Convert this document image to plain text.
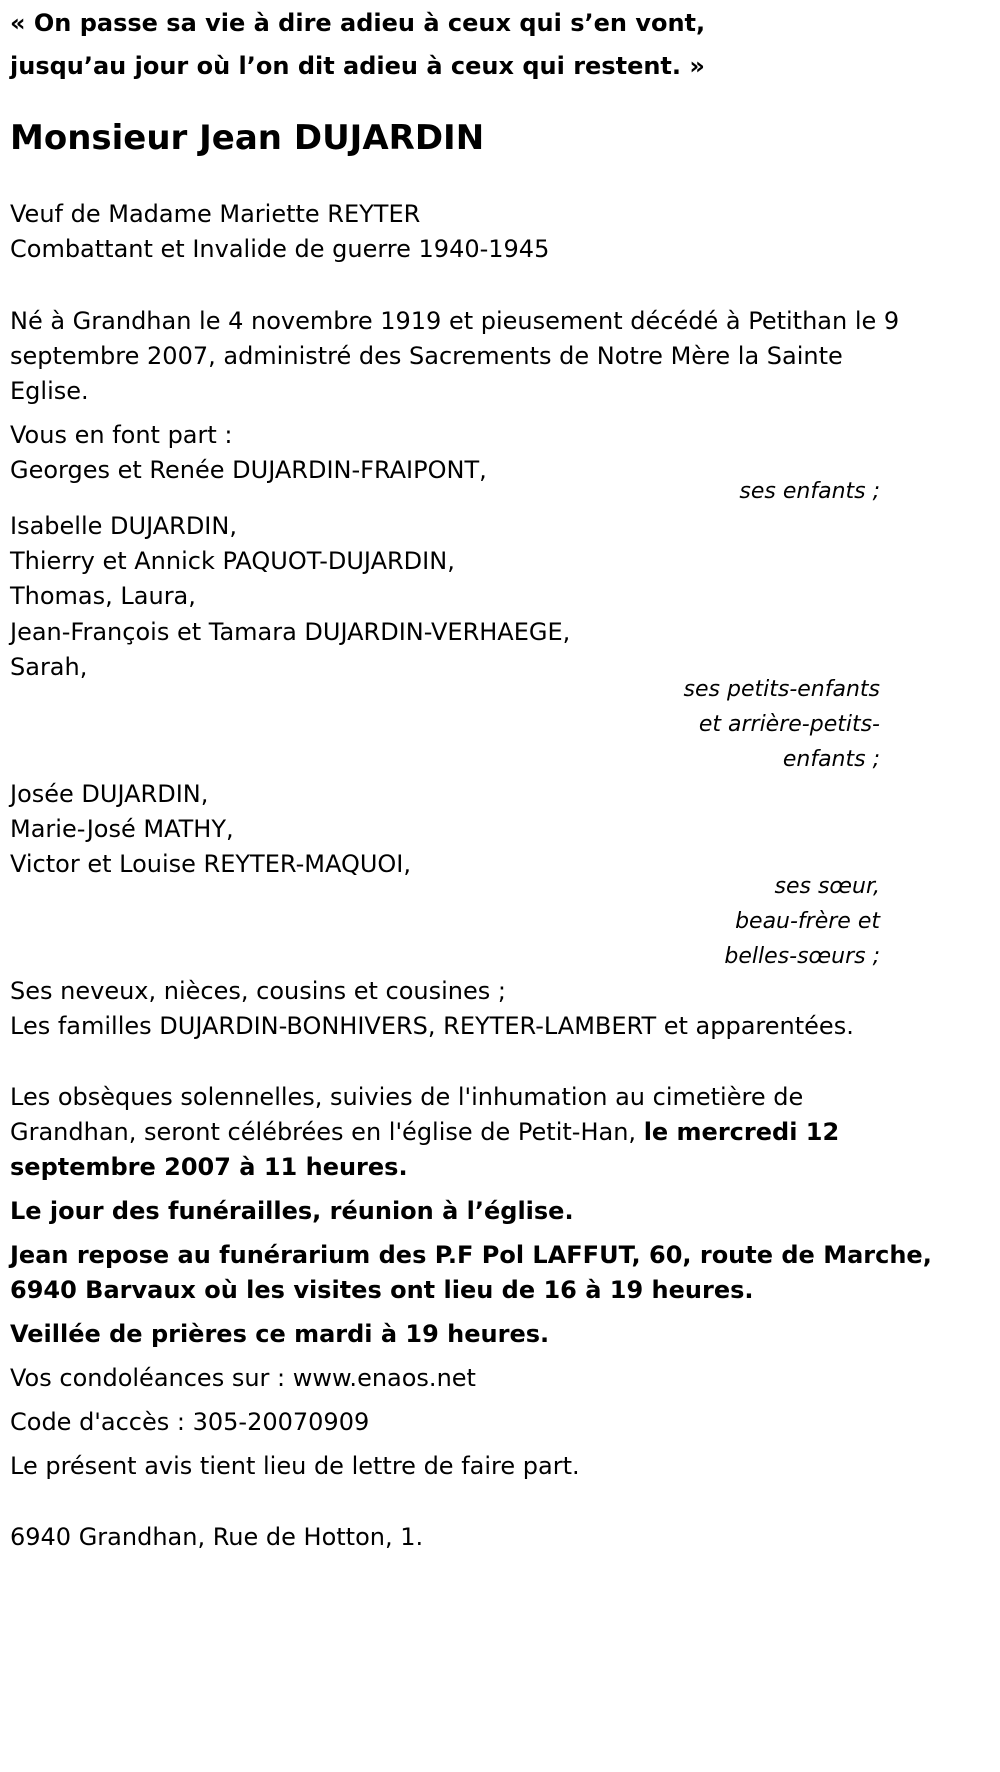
« On passe sa vie à dire adieu à ceux qui s’en vont,
jusqu’au jour où l’on dit adieu à ceux qui restent. »
Monsieur Jean DUJARDIN
Veuf de Madame Mariette REYTER
Combattant et Invalide de guerre 1940-1945
Né à Grandhan le 4 novembre 1919 et pieusement décédé à Petithan le 9
septembre 2007, administré des Sacrements de Notre Mère la Sainte
Eglise.
Vous en font part :
Georges et Renée DUJARDIN-FRAIPONT,
ses enfants ;
Isabelle DUJARDIN,
Thierry et Annick PAQUOT-DUJARDIN,
Thomas, Laura,
Jean-François et Tamara DUJARDIN-VERHAEGE,
Sarah,
ses petits-enfants
et arrière-petits-
enfants ;
Josée DUJARDIN,
Marie-José MATHY,
Victor et Louise REYTER-MAQUOI,
ses sœur,
beau-frère et
belles-sœurs ;
Ses neveux, nièces, cousins et cousines ;
Les familles DUJARDIN-BONHIVERS, REYTER-LAMBERT et apparentées.
Les obsèques solennelles, suivies de l'inhumation au cimetière de
Grandhan, seront célébrées en l'église de Petit-Han, le mercredi 12
septembre 2007 à 11 heures.
Le jour des funérailles, réunion à l’église.
Jean repose au funérarium des P.F Pol LAFFUT, 60, route de Marche,
6940 Barvaux où les visites ont lieu de 16 à 19 heures.
Veillée de prières ce mardi à 19 heures.
Vos condoléances sur : www.enaos.net
Code d'accès : 305-20070909
Le présent avis tient lieu de lettre de faire part.
6940 Grandhan, Rue de Hotton, 1.
